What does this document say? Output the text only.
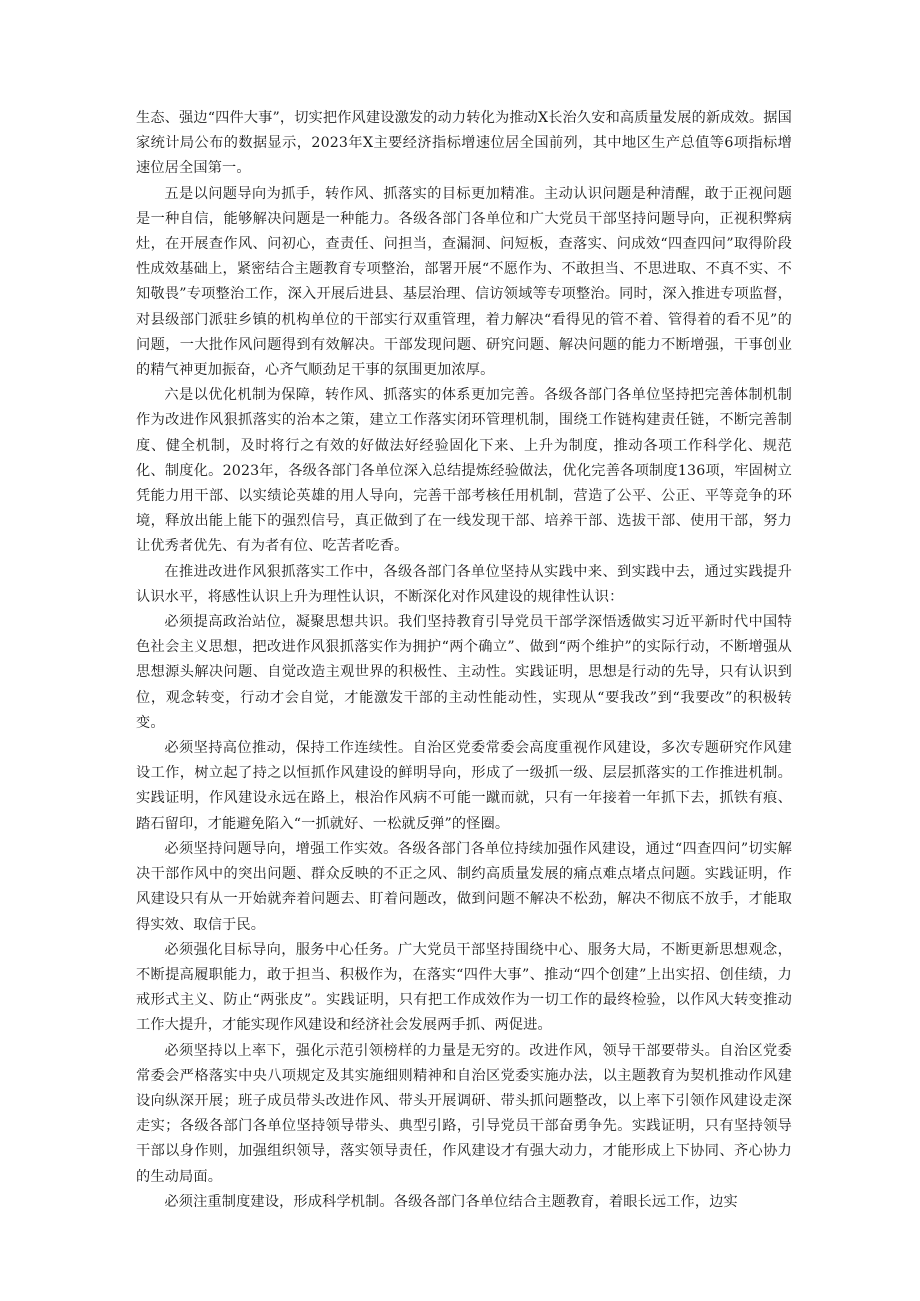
生态、强边“四件大事”，切实把作风建设激发的动力转化为推动X长治久安和高质量发展的新成效。据国家统计局公布的数据显示，2023年X主要经济指标增速位居全国前列，其中地区生产总值等6项指标增速位居全国第一。

五是以问题导向为抓手，转作风、抓落实的目标更加精准。主动认识问题是种清醒，敢于正视问题是一种自信，能够解决问题是一种能力。各级各部门各单位和广大党员干部坚持问题导向，正视积弊病灶，在开展查作风、问初心，查责任、问担当，查漏洞、问短板，查落实、问成效“四查四问”取得阶段性成效基础上，紧密结合主题教育专项整治，部署开展“不愿作为、不敢担当、不思进取、不真不实、不知敬畏”专项整治工作，深入开展后进县、基层治理、信访领域等专项整治。同时，深入推进专项监督，对县级部门派驻乡镇的机构单位的干部实行双重管理，着力解决“看得见的管不着、管得着的看不见”的问题，一大批作风问题得到有效解决。干部发现问题、研究问题、解决问题的能力不断增强，干事创业的精气神更加振奋，心齐气顺劲足干事的氛围更加浓厚。

六是以优化机制为保障，转作风、抓落实的体系更加完善。各级各部门各单位坚持把完善体制机制作为改进作风狠抓落实的治本之策，建立工作落实闭环管理机制，围绕工作链构建责任链，不断完善制度、健全机制，及时将行之有效的好做法好经验固化下来、上升为制度，推动各项工作科学化、规范化、制度化。2023年，各级各部门各单位深入总结提炼经验做法，优化完善各项制度136项，牢固树立凭能力用干部、以实绩论英雄的用人导向，完善干部考核任用机制，营造了公平、公正、平等竞争的环境，释放出能上能下的强烈信号，真正做到了在一线发现干部、培养干部、选拔干部、使用干部，努力让优秀者优先、有为者有位、吃苦者吃香。

在推进改进作风狠抓落实工作中，各级各部门各单位坚持从实践中来、到实践中去，通过实践提升认识水平，将感性认识上升为理性认识，不断深化对作风建设的规律性认识：

必须提高政治站位，凝聚思想共识。我们坚持教育引导党员干部学深悟透做实习近平新时代中国特色社会主义思想，把改进作风狠抓落实作为拥护“两个确立”、做到“两个维护”的实际行动，不断增强从思想源头解决问题、自觉改造主观世界的积极性、主动性。实践证明，思想是行动的先导，只有认识到位，观念转变，行动才会自觉，才能激发干部的主动性能动性，实现从“要我改”到“我要改”的积极转变。

必须坚持高位推动，保持工作连续性。自治区党委常委会高度重视作风建设，多次专题研究作风建设工作，树立起了持之以恒抓作风建设的鲜明导向，形成了一级抓一级、层层抓落实的工作推进机制。实践证明，作风建设永远在路上，根治作风病不可能一蹴而就，只有一年接着一年抓下去，抓铁有痕、踏石留印，才能避免陷入“一抓就好、一松就反弹”的怪圈。

必须坚持问题导向，增强工作实效。各级各部门各单位持续加强作风建设，通过“四查四问”切实解决干部作风中的突出问题、群众反映的不正之风、制约高质量发展的痛点难点堵点问题。实践证明，作风建设只有从一开始就奔着问题去、盯着问题改，做到问题不解决不松劲，解决不彻底不放手，才能取得实效、取信于民。

必须强化目标导向，服务中心任务。广大党员干部坚持围绕中心、服务大局，不断更新思想观念，不断提高履职能力，敢于担当、积极作为，在落实“四件大事”、推动“四个创建”上出实招、创佳绩，力戒形式主义、防止“两张皮”。实践证明，只有把工作成效作为一切工作的最终检验，以作风大转变推动工作大提升，才能实现作风建设和经济社会发展两手抓、两促进。

必须坚持以上率下，强化示范引领榜样的力量是无穷的。改进作风，领导干部要带头。自治区党委常委会严格落实中央八项规定及其实施细则精神和自治区党委实施办法，以主题教育为契机推动作风建设向纵深开展；班子成员带头改进作风、带头开展调研、带头抓问题整改，以上率下引领作风建设走深走实；各级各部门各单位坚持领导带头、典型引路，引导党员干部奋勇争先。实践证明，只有坚持领导干部以身作则，加强组织领导，落实领导责任，作风建设才有强大动力，才能形成上下协同、齐心协力的生动局面。

必须注重制度建设，形成科学机制。各级各部门各单位结合主题教育，着眼长远工作，边实
